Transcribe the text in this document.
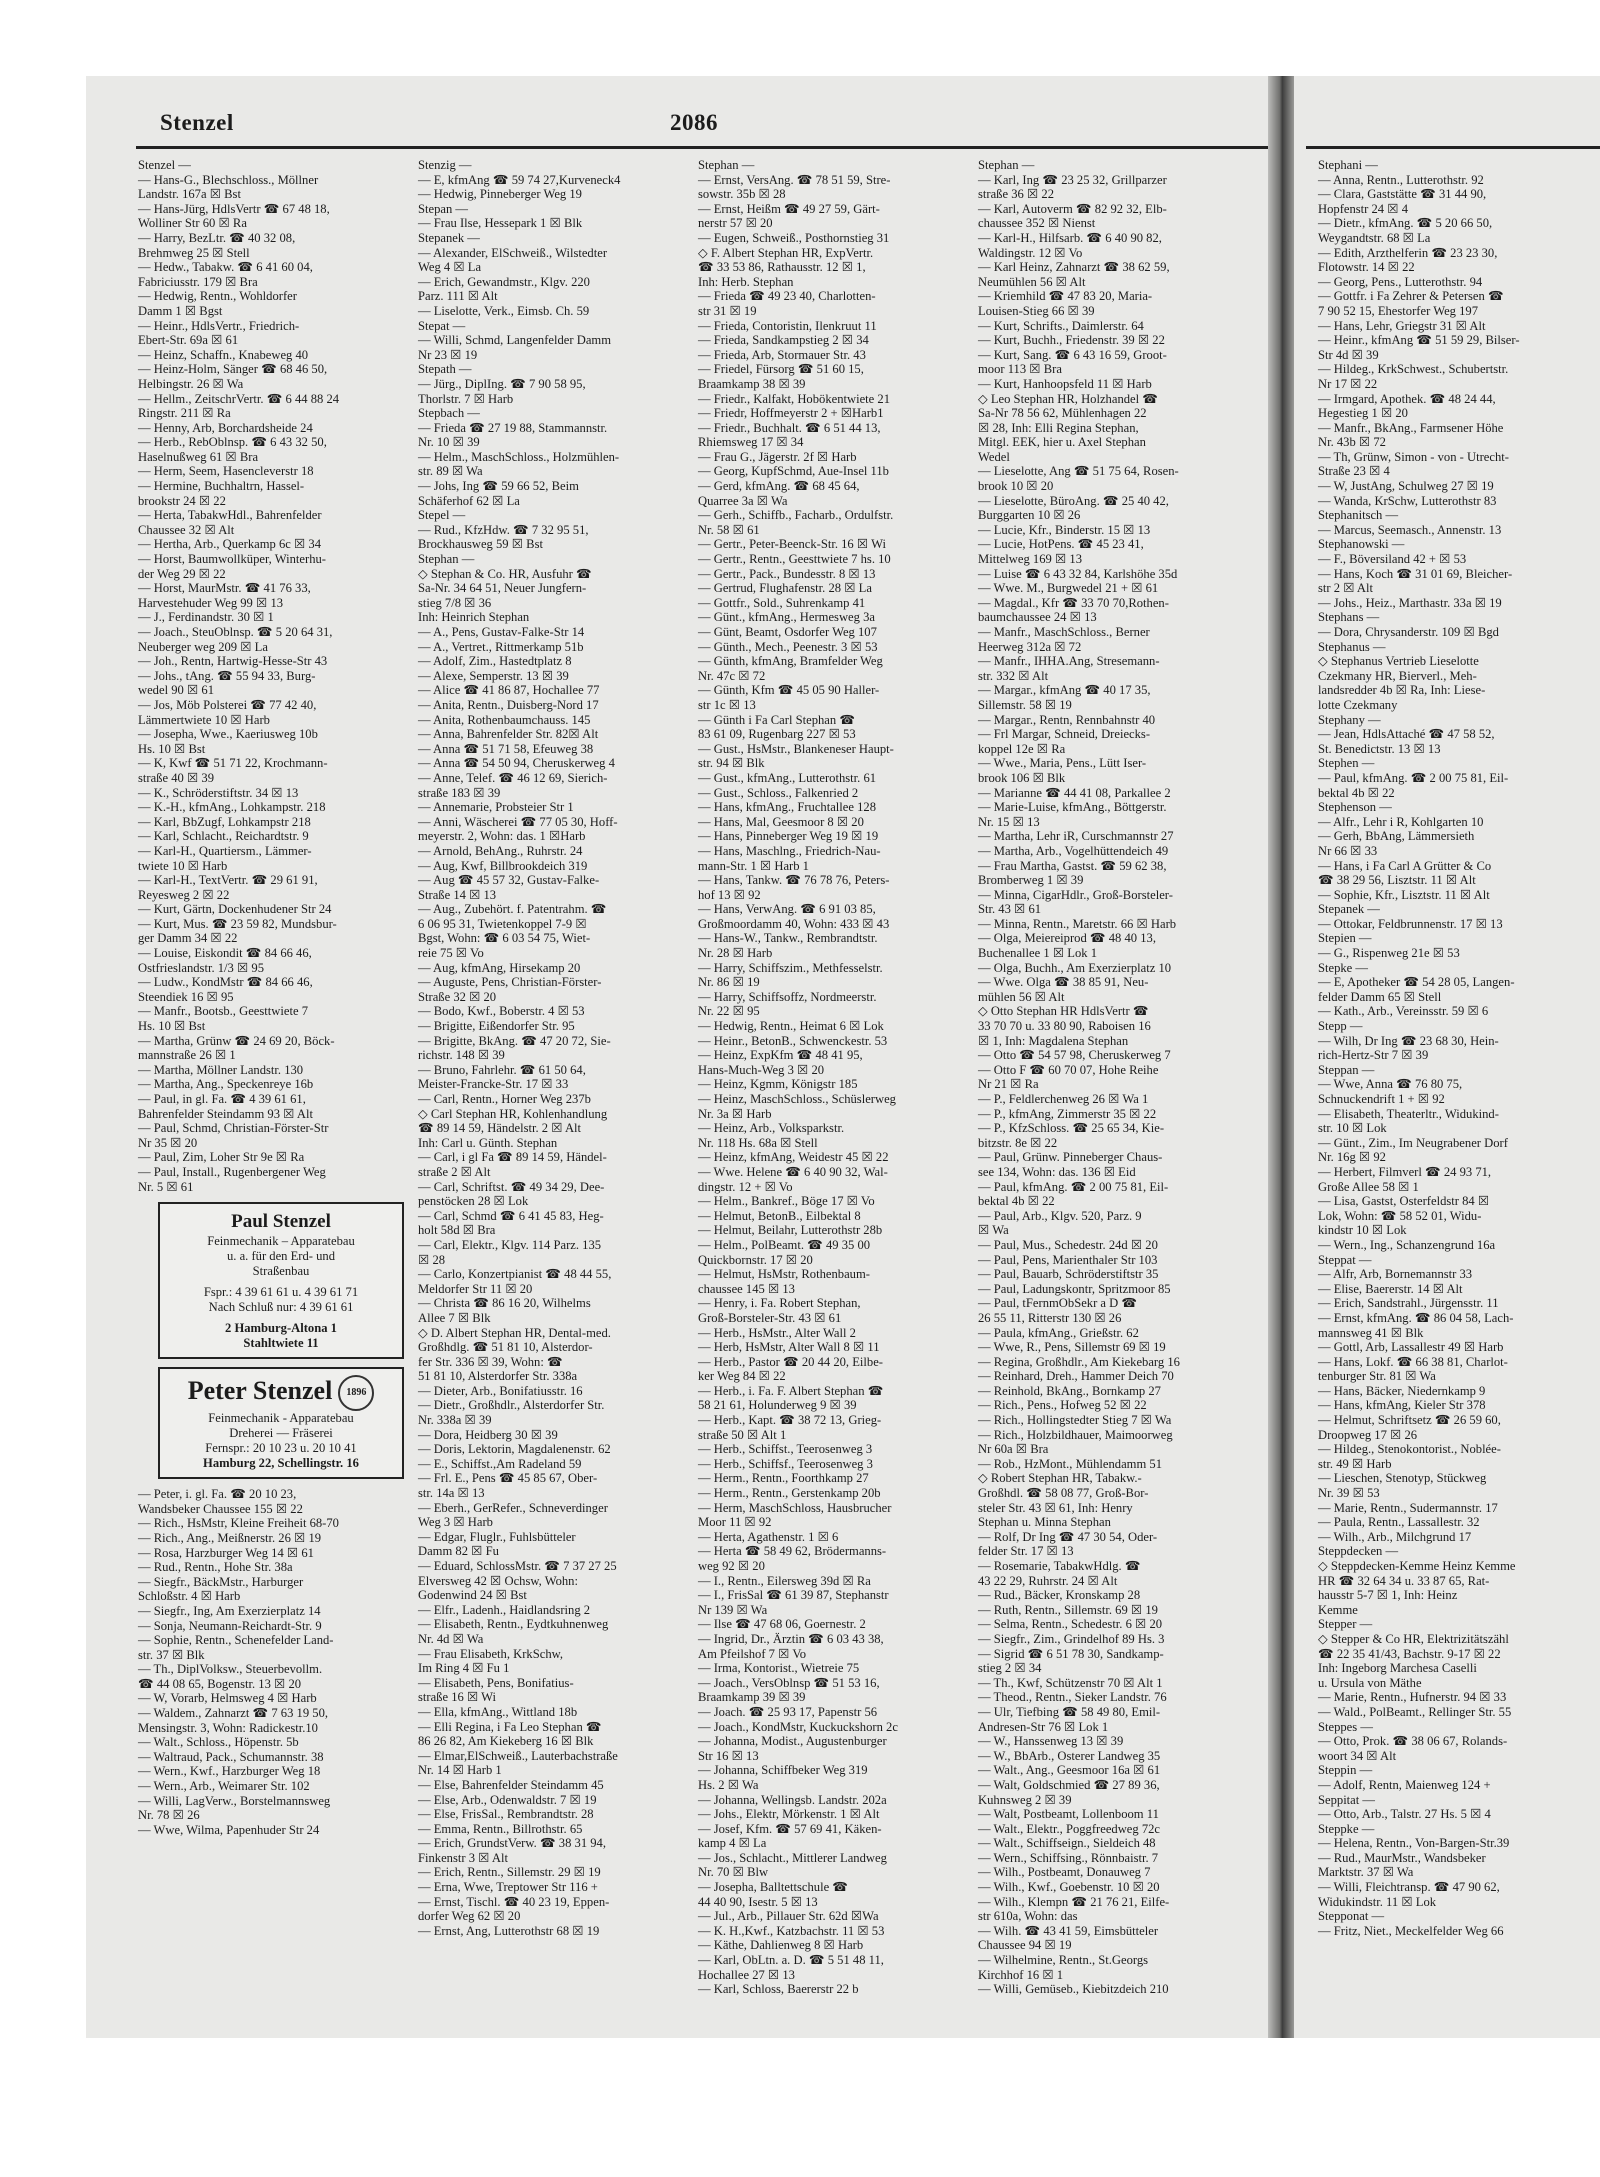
Stenzel	2086
Stenzel —
— Hans-G., Blechschloss., Möllner
Landstr. 167a ☒ Bst
— Hans-Jürg, HdlsVertr ☎ 67 48 18,
Wolliner Str 60 ☒ Ra
— Harry, BezLtr. ☎ 40 32 08,
Brehmweg 25 ☒ Stell
— Hedw., Tabakw. ☎ 6 41 60 04,
Fabriciusstr. 179 ☒ Bra
— Hedwig, Rentn., Wohldorfer
Damm 1 ☒ Bgst
— Heinr., HdlsVertr., Friedrich-
Ebert-Str. 69a ☒ 61
— Heinz, Schaffn., Knabeweg 40
— Heinz-Holm, Sänger ☎ 68 46 50,
Helbingstr. 26 ☒ Wa
— Hellm., ZeitschrVertr. ☎ 6 44 88 24
Ringstr. 211 ☒ Ra
— Henny, Arb, Borchardsheide 24
— Herb., RebOblnsp. ☎ 6 43 32 50,
Haselnußweg 61 ☒ Bra
— Herm, Seem, Hasencleverstr 18
— Hermine, Buchhaltrn, Hassel-
brookstr 24 ☒ 22
— Herta, TabakwHdl., Bahrenfelder
Chaussee 32 ☒ Alt
— Hertha, Arb., Querkamp 6c ☒ 34
— Horst, Baumwollküper, Winterhu-
der Weg 29 ☒ 22
— Horst, MaurMstr. ☎ 41 76 33,
Harvestehuder Weg 99 ☒ 13
— J., Ferdinandstr. 30 ☒ 1
— Joach., SteuOblnsp. ☎ 5 20 64 31,
Neuberger weg 209 ☒ La
— Joh., Rentn, Hartwig-Hesse-Str 43
— Johs., tAng. ☎ 55 94 33, Burg-
wedel 90 ☒ 61
— Jos, Möb Polsterei ☎ 77 42 40,
Lämmertwiete 10 ☒ Harb
— Josepha, Wwe., Kaeriusweg 10b
Hs. 10 ☒ Bst
— K, Kwf ☎ 51 71 22, Krochmann-
straße 40 ☒ 39
— K., Schröderstiftstr. 34 ☒ 13
— K.-H., kfmAng., Lohkampstr. 218
— Karl, BbZugf, Lohkampstr 218
— Karl, Schlacht., Reichardtstr. 9
— Karl-H., Quartiersm., Lämmer-
twiete 10 ☒ Harb
— Karl-H., TextVertr. ☎ 29 61 91,
Reyesweg 2 ☒ 22
— Kurt, Gärtn, Dockenhudener Str 24
— Kurt, Mus. ☎ 23 59 82, Mundsbur-
ger Damm 34 ☒ 22
— Louise, Eiskondit ☎ 84 66 46,
Ostfrieslandstr. 1/3 ☒ 95
— Ludw., KondMstr ☎ 84 66 46,
Steendiek 16 ☒ 95
— Manfr., Bootsb., Geesttwiete 7
Hs. 10 ☒ Bst
— Martha, Grünw ☎ 24 69 20, Böck-
mannstraße 26 ☒ 1
— Martha, Möllner Landstr. 130
— Martha, Ang., Speckenreye 16b
— Paul, in gl. Fa. ☎ 4 39 61 61,
Bahrenfelder Steindamm 93 ☒ Alt
— Paul, Schmd, Christian-Förster-Str
Nr 35 ☒ 20
— Paul, Zim, Loher Str 9e ☒ Ra
— Paul, Install., Rugenbergener Weg
Nr. 5 ☒ 61
Paul Stenzel
Feinmechanik – Apparatebau
u. a. für den Erd- und
Straßenbau
Fspr.: 4 39 61 61 u. 4 39 61 71
Nach Schluß nur: 4 39 61 61
2 Hamburg-Altona 1
Stahltwiete 11
Peter Stenzel 1896
Feinmechanik - Apparatebau
Dreherei — Fräserei
Fernspr.: 20 10 23 u. 20 10 41
Hamburg 22, Schellingstr. 16
— Peter, i. gl. Fa. ☎ 20 10 23,
Wandsbeker Chaussee 155 ☒ 22
— Rich., HsMstr, Kleine Freiheit 68-70
— Rich., Ang., Meißnerstr. 26 ☒ 19
— Rosa, Harzburger Weg 14 ☒ 61
— Rud., Rentn., Hohe Str. 38a
— Siegfr., BäckMstr., Harburger
Schloßstr. 4 ☒ Harb
— Siegfr., Ing, Am Exerzierplatz 14
— Sonja, Neumann-Reichardt-Str. 9
— Sophie, Rentn., Schenefelder Land-
str. 37 ☒ Blk
— Th., DiplVolksw., Steuerbevollm.
☎ 44 08 65, Bogenstr. 13 ☒ 20
— W, Vorarb, Helmsweg 4 ☒ Harb
— Waldem., Zahnarzt ☎ 7 63 19 50,
Mensingstr. 3, Wohn: Radickestr.10
— Walt., Schloss., Höpenstr. 5b
— Waltraud, Pack., Schumannstr. 38
— Wern., Kwf., Harzburger Weg 18
— Wern., Arb., Weimarer Str. 102
— Willi, LagVerw., Borstelmannsweg
Nr. 78 ☒ 26
— Wwe, Wilma, Papenhuder Str 24
Stenzig —
— E, kfmAng ☎ 59 74 27,Kurveneck4
— Hedwig, Pinneberger Weg 19
Stepan —
— Frau Ilse, Hessepark 1 ☒ Blk
Stepanek —
— Alexander, ElSchweiß., Wilstedter
Weg 4 ☒ La
— Erich, Gewandmstr., Klgv. 220
Parz. 111 ☒ Alt
— Liselotte, Verk., Eimsb. Ch. 59
Stepat —
— Willi, Schmd, Langenfelder Damm
Nr 23 ☒ 19
Stepath —
— Jürg., DiplIng. ☎ 7 90 58 95,
Thorlstr. 7 ☒ Harb
Stepbach —
— Frieda ☎ 27 19 88, Stammannstr.
Nr. 10 ☒ 39
— Helm., MaschSchloss., Holzmühlen-
str. 89 ☒ Wa
— Johs, Ing ☎ 59 66 52, Beim
Schäferhof 62 ☒ La
Stepel —
— Rud., KfzHdw. ☎ 7 32 95 51,
Brockhausweg 59 ☒ Bst
Stephan —
◇ Stephan & Co. HR, Ausfuhr ☎
Sa-Nr. 34 64 51, Neuer Jungfern-
stieg 7/8 ☒ 36
Inh: Heinrich Stephan
— A., Pens, Gustav-Falke-Str 14
— A., Vertret., Rittmerkamp 51b
— Adolf, Zim., Hastedtplatz 8
— Alexe, Semperstr. 13 ☒ 39
— Alice ☎ 41 86 87, Hochallee 77
— Anita, Rentn., Duisberg-Nord 17
— Anita, Rothenbaumchauss. 145
— Anna, Bahrenfelder Str. 82☒ Alt
— Anna ☎ 51 71 58, Efeuweg 38
— Anna ☎ 54 50 94, Cheruskerweg 4
— Anne, Telef. ☎ 46 12 69, Sierich-
straße 183 ☒ 39
— Annemarie, Probsteier Str 1
— Anni, Wäscherei ☎ 77 05 30, Hoff-
meyerstr. 2, Wohn: das. 1 ☒Harb
— Arnold, BehAng., Ruhrstr. 24
— Aug, Kwf, Billbrookdeich 319
— Aug ☎ 45 57 32, Gustav-Falke-
Straße 14 ☒ 13
— Aug., Zubehört. f. Patentrahm. ☎
6 06 95 31, Twietenkoppel 7-9 ☒
Bgst, Wohn: ☎ 6 03 54 75, Wiet-
reie 75 ☒ Vo
— Aug, kfmAng, Hirsekamp 20
— Auguste, Pens, Christian-Förster-
Straße 32 ☒ 20
— Bodo, Kwf., Boberstr. 4 ☒ 53
— Brigitte, Eißendorfer Str. 95
— Brigitte, BkAng. ☎ 47 20 72, Sie-
richstr. 148 ☒ 39
— Bruno, Fahrlehr. ☎ 61 50 64,
Meister-Francke-Str. 17 ☒ 33
— Carl, Rentn., Horner Weg 237b
◇ Carl Stephan HR, Kohlenhandlung
☎ 89 14 59, Händelstr. 2 ☒ Alt
Inh: Carl u. Günth. Stephan
— Carl, i gl Fa ☎ 89 14 59, Händel-
straße 2 ☒ Alt
— Carl, Schriftst. ☎ 49 34 29, Dee-
penstöcken 28 ☒ Lok
— Carl, Schmd ☎ 6 41 45 83, Heg-
holt 58d ☒ Bra
— Carl, Elektr., Klgv. 114 Parz. 135
☒ 28
— Carlo, Konzertpianist ☎ 48 44 55,
Meldorfer Str 11 ☒ 20
— Christa ☎ 86 16 20, Wilhelms
Allee 7 ☒ Blk
◇ D. Albert Stephan HR, Dental-med.
Großhdlg. ☎ 51 81 10, Alsterdor-
fer Str. 336 ☒ 39, Wohn: ☎
51 81 10, Alsterdorfer Str. 338a
— Dieter, Arb., Bonifatiusstr. 16
— Dietr., Großhdlr., Alsterdorfer Str.
Nr. 338a ☒ 39
— Dora, Heidberg 30 ☒ 39
— Doris, Lektorin, Magdalenenstr. 62
— E., Schiffst.,Am Radeland 59
— Frl. E., Pens ☎ 45 85 67, Ober-
str. 14a ☒ 13
— Eberh., GerRefer., Schneverdinger
Weg 3 ☒ Harb
— Edgar, Fluglr., Fuhlsbütteler
Damm 82 ☒ Fu
— Eduard, SchlossMstr. ☎ 7 37 27 25
Elversweg 42 ☒ Ochsw, Wohn:
Godenwind 24 ☒ Bst
— Elfr., Ladenh., Haidlandsring 2
— Elisabeth, Rentn., Eydtkuhnenweg
Nr. 4d ☒ Wa
— Frau Elisabeth, KrkSchw,
Im Ring 4 ☒ Fu 1
— Elisabeth, Pens, Bonifatius-
straße 16 ☒ Wi
— Ella, kfmAng., Wittland 18b
— Elli Regina, i Fa Leo Stephan ☎
86 26 82, Am Kiekeberg 16 ☒ Blk
— Elmar,ElSchweiß., Lauterbachstraße
Nr. 14 ☒ Harb 1
— Else, Bahrenfelder Steindamm 45
— Else, Arb., Odenwaldstr. 7 ☒ 19
— Else, FrisSal., Rembrandtstr. 28
— Emma, Rentn., Billrothstr. 65
— Erich, GrundstVerw. ☎ 38 31 94,
Finkenstr 3 ☒ Alt
— Erich, Rentn., Sillemstr. 29 ☒ 19
— Erna, Wwe, Treptower Str 116 +
— Ernst, Tischl. ☎ 40 23 19, Eppen-
dorfer Weg 62 ☒ 20
— Ernst, Ang, Lutterothstr 68 ☒ 19
Stephan —
— Ernst, VersAng. ☎ 78 51 59, Stre-
sowstr. 35b ☒ 28
— Ernst, Heißm ☎ 49 27 59, Gärt-
nerstr 57 ☒ 20
— Eugen, Schweiß., Posthornstieg 31
◇ F. Albert Stephan HR, ExpVertr.
☎ 33 53 86, Rathausstr. 12 ☒ 1,
Inh: Herb. Stephan
— Frieda ☎ 49 23 40, Charlotten-
str 31 ☒ 19
— Frieda, Contoristin, Ilenkruut 11
— Frieda, Sandkampstieg 2 ☒ 34
— Frieda, Arb, Stormauer Str. 43
— Friedel, Fürsorg ☎ 51 60 15,
Braamkamp 38 ☒ 39
— Friedr., Kalfakt, Hobökentwiete 21
— Friedr, Hoffmeyerstr 2 + ☒Harb1
— Friedr., Buchhalt. ☎ 6 51 44 13,
Rhiemsweg 17 ☒ 34
— Frau G., Jägerstr. 2f ☒ Harb
— Georg, KupfSchmd, Aue-Insel 11b
— Gerd, kfmAng. ☎ 68 45 64,
Quarree 3a ☒ Wa
— Gerh., Schiffb., Facharb., Ordulfstr.
Nr. 58 ☒ 61
— Gertr., Peter-Beenck-Str. 16 ☒ Wi
— Gertr., Rentn., Geesttwiete 7 hs. 10
— Gertr., Pack., Bundesstr. 8 ☒ 13
— Gertrud, Flughafenstr. 28 ☒ La
— Gottfr., Sold., Suhrenkamp 41
— Günt., kfmAng., Hermesweg 3a
— Günt, Beamt, Osdorfer Weg 107
— Günth., Mech., Peenestr. 3 ☒ 53
— Günth, kfmAng, Bramfelder Weg
Nr. 47c ☒ 72
— Günth, Kfm ☎ 45 05 90 Haller-
str 1c ☒ 13
— Günth i Fa Carl Stephan ☎
83 61 09, Rugenbarg 227 ☒ 53
— Gust., HsMstr., Blankeneser Haupt-
str. 94 ☒ Blk
— Gust., kfmAng., Lutterothstr. 61
— Gust., Schloss., Falkenried 2
— Hans, kfmAng., Fruchtallee 128
— Hans, Mal, Geesmoor 8 ☒ 20
— Hans, Pinneberger Weg 19 ☒ 19
— Hans, Maschlng., Friedrich-Nau-
mann-Str. 1 ☒ Harb 1
— Hans, Tankw. ☎ 76 78 76, Peters-
hof 13 ☒ 92
— Hans, VerwAng. ☎ 6 91 03 85,
Großmoordamm 40, Wohn: 433 ☒ 43
— Hans-W., Tankw., Rembrandtstr.
Nr. 28 ☒ Harb
— Harry, Schiffszim., Methfesselstr.
Nr. 86 ☒ 19
— Harry, Schiffsoffz, Nordmeerstr.
Nr. 22 ☒ 95
— Hedwig, Rentn., Heimat 6 ☒ Lok
— Heinr., BetonB., Schwenckestr. 53
— Heinz, ExpKfm ☎ 48 41 95,
Hans-Much-Weg 3 ☒ 20
— Heinz, Kgmm, Königstr 185
— Heinz, MaschSchloss., Schüslerweg
Nr. 3a ☒ Harb
— Heinz, Arb., Volksparkstr.
Nr. 118 Hs. 68a ☒ Stell
— Heinz, kfmAng, Weidestr 45 ☒ 22
— Wwe. Helene ☎ 6 40 90 32, Wal-
dingstr. 12 + ☒ Vo
— Helm., Bankref., Böge 17 ☒ Vo
— Helmut, BetonB., Eilbektal 8
— Helmut, Beilahr, Lutterothstr 28b
— Helm., PolBeamt. ☎ 49 35 00
Quickbornstr. 17 ☒ 20
— Helmut, HsMstr, Rothenbaum-
chaussee 145 ☒ 13
— Henry, i. Fa. Robert Stephan,
Groß-Borsteler-Str. 43 ☒ 61
— Herb., HsMstr., Alter Wall 2
— Herb, HsMstr, Alter Wall 8 ☒ 11
— Herb., Pastor ☎ 20 44 20, Eilbe-
ker Weg 84 ☒ 22
— Herb., i. Fa. F. Albert Stephan ☎
58 21 61, Holunderweg 9 ☒ 39
— Herb., Kapt. ☎ 38 72 13, Grieg-
straße 50 ☒ Alt 1
— Herb., Schiffst., Teerosenweg 3
— Herb., Schiffsf., Teerosenweg 3
— Herm., Rentn., Foorthkamp 27
— Herm., Rentn., Gerstenkamp 20b
— Herm, MaschSchloss, Hausbrucher
Moor 11 ☒ 92
— Herta, Agathenstr. 1 ☒ 6
— Herta ☎ 58 49 62, Brödermanns-
weg 92 ☒ 20
— I., Rentn., Eilersweg 39d ☒ Ra
— I., FrisSal ☎ 61 39 87, Stephanstr
Nr 139 ☒ Wa
— Ilse ☎ 47 68 06, Goernestr. 2
— Ingrid, Dr., Ärztin ☎ 6 03 43 38,
Am Pfeilshof 7 ☒ Vo
— Irma, Kontorist., Wietreie 75
— Joach., VersOblnsp ☎ 51 53 16,
Braamkamp 39 ☒ 39
— Joach. ☎ 25 93 17, Papenstr 56
— Joach., KondMstr, Kuckuckshorn 2c
— Johanna, Modist., Augustenburger
Str 16 ☒ 13
— Johanna, Schiffbeker Weg 319
Hs. 2 ☒ Wa
— Johanna, Wellingsb. Landstr. 202a
— Johs., Elektr, Mörkenstr. 1 ☒ Alt
— Josef, Kfm. ☎ 57 69 41, Käken-
kamp 4 ☒ La
— Jos., Schlacht., Mittlerer Landweg
Nr. 70 ☒ Blw
— Josepha, Balltettschule ☎
44 40 90, Isestr. 5 ☒ 13
— Jul., Arb., Pillauer Str. 62d ☒Wa
— K. H.,Kwf., Katzbachstr. 11 ☒ 53
— Käthe, Dahlienweg 8 ☒ Harb
— Karl, ObLtn. a. D. ☎ 5 51 48 11,
Hochallee 27 ☒ 13
— Karl, Schloss, Baererstr 22 b
Stephan —
— Karl, Ing ☎ 23 25 32, Grillparzer
straße 36 ☒ 22
— Karl, Autoverm ☎ 82 92 32, Elb-
chaussee 352 ☒ Nienst
— Karl-H., Hilfsarb. ☎ 6 40 90 82,
Waldingstr. 12 ☒ Vo
— Karl Heinz, Zahnarzt ☎ 38 62 59,
Neumühlen 56 ☒ Alt
— Kriemhild ☎ 47 83 20, Maria-
Louisen-Stieg 66 ☒ 39
— Kurt, Schrifts., Daimlerstr. 64
— Kurt, Buchh., Friedenstr. 39 ☒ 22
— Kurt, Sang. ☎ 6 43 16 59, Groot-
moor 113 ☒ Bra
— Kurt, Hanhoopsfeld 11 ☒ Harb
◇ Leo Stephan HR, Holzhandel ☎
Sa-Nr 78 56 62, Mühlenhagen 22
☒ 28, Inh: Elli Regina Stephan,
Mitgl. EEK, hier u. Axel Stephan
Wedel
— Lieselotte, Ang ☎ 51 75 64, Rosen-
brook 10 ☒ 20
— Lieselotte, BüroAng. ☎ 25 40 42,
Burggarten 10 ☒ 26
— Lucie, Kfr., Binderstr. 15 ☒ 13
— Lucie, HotPens. ☎ 45 23 41,
Mittelweg 169 ☒ 13
— Luise ☎ 6 43 32 84, Karlshöhe 35d
— Wwe. M., Burgwedel 21 + ☒ 61
— Magdal., Kfr ☎ 33 70 70,Rothen-
baumchaussee 24 ☒ 13
— Manfr., MaschSchloss., Berner
Heerweg 312a ☒ 72
— Manfr., IHHA.Ang, Stresemann-
str. 332 ☒ Alt
— Margar., kfmAng ☎ 40 17 35,
Sillemstr. 58 ☒ 19
— Margar., Rentn, Rennbahnstr 40
— Frl Margar, Schneid, Dreiecks-
koppel 12e ☒ Ra
— Wwe., Maria, Pens., Lütt Iser-
brook 106 ☒ Blk
— Marianne ☎ 44 41 08, Parkallee 2
— Marie-Luise, kfmAng., Böttgerstr.
Nr. 15 ☒ 13
— Martha, Lehr iR, Curschmannstr 27
— Martha, Arb., Vogelhüttendeich 49
— Frau Martha, Gastst. ☎ 59 62 38,
Bromberweg 1 ☒ 39
— Minna, CigarHdlr., Groß-Borsteler-
Str. 43 ☒ 61
— Minna, Rentn., Maretstr. 66 ☒ Harb
— Olga, Meiereiprod ☎ 48 40 13,
Buchenallee 1 ☒ Lok 1
— Olga, Buchh., Am Exerzierplatz 10
— Wwe. Olga ☎ 38 85 91, Neu-
mühlen 56 ☒ Alt
◇ Otto Stephan HR HdlsVertr ☎
33 70 70 u. 33 80 90, Raboisen 16
☒ 1, Inh: Magdalena Stephan
— Otto ☎ 54 57 98, Cheruskerweg 7
— Otto F ☎ 60 70 07, Hohe Reihe
Nr 21 ☒ Ra
— P., Feldlerchenweg 26 ☒ Wa 1
— P., kfmAng, Zimmerstr 35 ☒ 22
— P., KfzSchloss. ☎ 25 65 34, Kie-
bitzstr. 8e ☒ 22
— Paul, Grünw. Pinneberger Chaus-
see 134, Wohn: das. 136 ☒ Eid
— Paul, kfmAng. ☎ 2 00 75 81, Eil-
bektal 4b ☒ 22
— Paul, Arb., Klgv. 520, Parz. 9
☒ Wa
— Paul, Mus., Schedestr. 24d ☒ 20
— Paul, Pens, Marienthaler Str 103
— Paul, Bauarb, Schröderstiftstr 35
— Paul, Ladungskontr, Spritzmoor 85
— Paul, tFernmObSekr a D ☎
26 55 11, Ritterstr 130 ☒ 26
— Paula, kfmAng., Grießstr. 62
— Wwe, R., Pens, Sillemstr 69 ☒ 19
— Regina, Großhdlr., Am Kiekebarg 16
— Reinhard, Dreh., Hammer Deich 70
— Reinhold, BkAng., Bornkamp 27
— Rich., Pens., Hofweg 52 ☒ 22
— Rich., Hollingstedter Stieg 7 ☒ Wa
— Rich., Holzbildhauer, Maimoorweg
Nr 60a ☒ Bra
— Rob., HzMont., Mühlendamm 51
◇ Robert Stephan HR, Tabakw.-
Großhdl. ☎ 58 08 77, Groß-Bor-
steler Str. 43 ☒ 61, Inh: Henry
Stephan u. Minna Stephan
— Rolf, Dr Ing ☎ 47 30 54, Oder-
felder Str. 17 ☒ 13
— Rosemarie, TabakwHdlg. ☎
43 22 29, Ruhrstr. 24 ☒ Alt
— Rud., Bäcker, Kronskamp 28
— Ruth, Rentn., Sillemstr. 69 ☒ 19
— Selma, Rentn., Schedestr. 6 ☒ 20
— Siegfr., Zim., Grindelhof 89 Hs. 3
— Sigrid ☎ 6 51 78 30, Sandkamp-
stieg 2 ☒ 34
— Th., Kwf, Schützenstr 70 ☒ Alt 1
— Theod., Rentn., Sieker Landstr. 76
— Ulr, Tiefbing ☎ 58 49 80, Emil-
Andresen-Str 76 ☒ Lok 1
— W., Hanssenweg 13 ☒ 39
— W., BbArb., Osterer Landweg 35
— Walt., Ang., Geesmoor 16a ☒ 61
— Walt, Goldschmied ☎ 27 89 36,
Kuhnsweg 2 ☒ 39
— Walt, Postbeamt, Lollenboom 11
— Walt., Elektr., Poggfreedweg 72c
— Walt., Schiffseign., Sieldeich 48
— Wern., Schiffsing., Rönnbaistr. 7
— Wilh., Postbeamt, Donauweg 7
— Wilh., Kwf., Goebenstr. 10 ☒ 20
— Wilh., Klempn ☎ 21 76 21, Eilfe-
str 610a, Wohn: das
— Wilh. ☎ 43 41 59, Eimsbütteler
Chaussee 94 ☒ 19
— Wilhelmine, Rentn., St.Georgs
Kirchhof 16 ☒ 1
— Willi, Gemüseb., Kiebitzdeich 210
Stephani —
— Anna, Rentn., Lutterothstr. 92
— Clara, Gaststätte ☎ 31 44 90,
Hopfenstr 24 ☒ 4
— Dietr., kfmAng. ☎ 5 20 66 50,
Weygandtstr. 68 ☒ La
— Edith, Arzthelferin ☎ 23 23 30,
Flotowstr. 14 ☒ 22
— Georg, Pens., Lutterothstr. 94
— Gottfr. i Fa Zehrer & Petersen ☎
7 90 52 15, Ehestorfer Weg 197
— Hans, Lehr, Griegstr 31 ☒ Alt
— Heinr., kfmAng ☎ 51 59 29, Bilser-
Str 4d ☒ 39
— Hildeg., KrkSchwest., Schubertstr.
Nr 17 ☒ 22
— Irmgard, Apothek. ☎ 48 24 44,
Hegestieg 1 ☒ 20
— Manfr., BkAng., Farmsener Höhe
Nr. 43b ☒ 72
— Th, Grünw, Simon - von - Utrecht-
Straße 23 ☒ 4
— W, JustAng, Schulweg 27 ☒ 19
— Wanda, KrSchw, Lutterothstr 83
Stephanitsch —
— Marcus, Seemasch., Annenstr. 13
Stephanowski —
— F., Böversiland 42 + ☒ 53
— Hans, Koch ☎ 31 01 69, Bleicher-
str 2 ☒ Alt
— Johs., Heiz., Marthastr. 33a ☒ 19
Stephans —
— Dora, Chrysanderstr. 109 ☒ Bgd
Stephanus —
◇ Stephanus Vertrieb Lieselotte
Czekmany HR, Bierverl., Meh-
landsredder 4b ☒ Ra, Inh: Liese-
lotte Czekmany
Stephany —
— Jean, HdlsAttaché ☎ 47 58 52,
St. Benedictstr. 13 ☒ 13
Stephen —
— Paul, kfmAng. ☎ 2 00 75 81, Eil-
bektal 4b ☒ 22
Stephenson —
— Alfr., Lehr i R, Kohlgarten 10
— Gerh, BbAng, Lämmersieth
Nr 66 ☒ 33
— Hans, i Fa Carl A Grütter & Co
☎ 38 29 56, Lisztstr. 11 ☒ Alt
— Sophie, Kfr., Lisztstr. 11 ☒ Alt
Stepanek —
— Ottokar, Feldbrunnenstr. 17 ☒ 13
Stepien —
— G., Rispenweg 21e ☒ 53
Stepke —
— E, Apotheker ☎ 54 28 05, Langen-
felder Damm 65 ☒ Stell
— Kath., Arb., Vereinsstr. 59 ☒ 6
Stepp —
— Wilh, Dr Ing ☎ 23 68 30, Hein-
rich-Hertz-Str 7 ☒ 39
Steppan —
— Wwe, Anna ☎ 76 80 75,
Schnuckendrift 1 + ☒ 92
— Elisabeth, Theaterltr., Widukind-
str. 10 ☒ Lok
— Günt., Zim., Im Neugrabener Dorf
Nr. 16g ☒ 92
— Herbert, Filmverl ☎ 24 93 71,
Große Allee 58 ☒ 1
— Lisa, Gastst, Osterfeldstr 84 ☒
Lok, Wohn: ☎ 58 52 01, Widu-
kindstr 10 ☒ Lok
— Wern., Ing., Schanzengrund 16a
Steppat —
— Alfr, Arb, Bornemannstr 33
— Elise, Baererstr. 14 ☒ Alt
— Erich, Sandstrahl., Jürgensstr. 11
— Ernst, kfmAng. ☎ 86 04 58, Lach-
mannsweg 41 ☒ Blk
— Gottl, Arb, Lassallestr 49 ☒ Harb
— Hans, Lokf. ☎ 66 38 81, Charlot-
tenburger Str. 81 ☒ Wa
— Hans, Bäcker, Niedernkamp 9
— Hans, kfmAng, Kieler Str 378
— Helmut, Schriftsetz ☎ 26 59 60,
Droopweg 17 ☒ 26
— Hildeg., Stenokontorist., Noblée-
str. 49 ☒ Harb
— Lieschen, Stenotyp, Stückweg
Nr. 39 ☒ 53
— Marie, Rentn., Sudermannstr. 17
— Paula, Rentn., Lassallestr. 32
— Wilh., Arb., Milchgrund 17
Steppdecken —
◇ Steppdecken-Kemme Heinz Kemme
HR ☎ 32 64 34 u. 33 87 65, Rat-
hausstr 5-7 ☒ 1, Inh: Heinz
Kemme
Stepper —
◇ Stepper & Co HR, Elektrizitätszähl
☎ 22 35 41/43, Bachstr. 9-17 ☒ 22
Inh: Ingeborg Marchesa Caselli
u. Ursula von Mäthe
— Marie, Rentn., Hufnerstr. 94 ☒ 33
— Wald., PolBeamt., Rellinger Str. 55
Steppes —
— Otto, Prok. ☎ 38 06 67, Rolands-
woort 34 ☒ Alt
Steppin —
— Adolf, Rentn, Maienweg 124 +
Seppitat —
— Otto, Arb., Talstr. 27 Hs. 5 ☒ 4
Steppke —
— Helena, Rentn., Von-Bargen-Str.39
— Rud., MaurMstr., Wandsbeker
Marktstr. 37 ☒ Wa
— Willi, Fleichtransp. ☎ 47 90 62,
Widukindstr. 11 ☒ Lok
Stepponat —
— Fritz, Niet., Meckelfelder Weg 66
